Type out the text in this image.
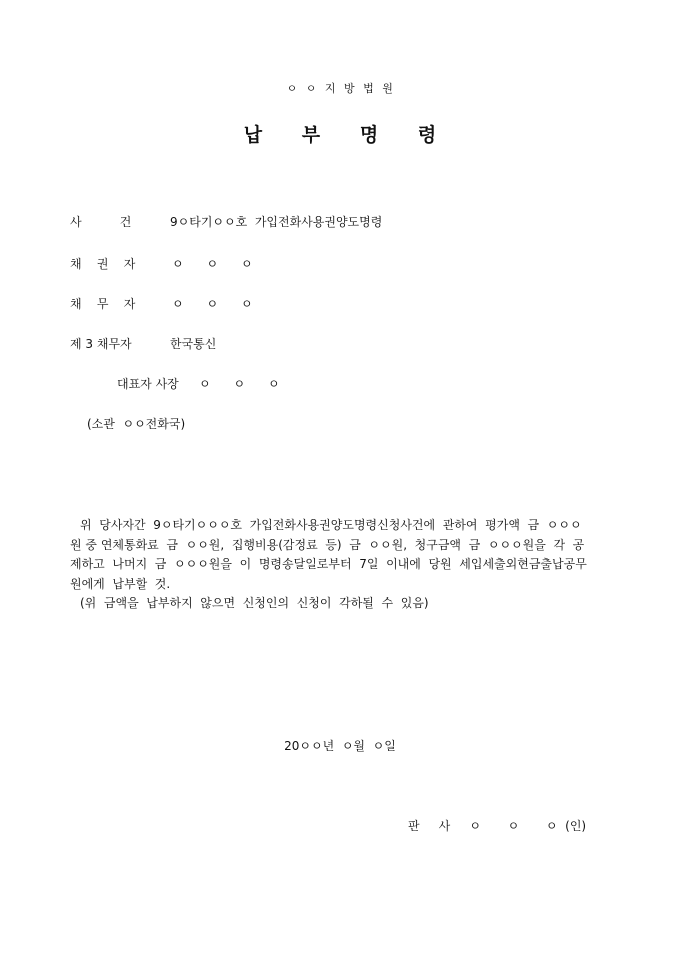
ㅇ  ㅇ  지  방  법  원
납      부      명      령
사          건	9ㅇ타기ㅇㅇ호  가입전화사용권양도명령
채    권    자	ㅇ      ㅇ      ㅇ
채    무    자	ㅇ      ㅇ      ㅇ
제 3 채무자	한국통신
대표자 사장 ㅇ      ㅇ      ㅇ
(소관  ㅇㅇ전화국)

위  당사자간  9ㅇ타기ㅇㅇㅇ호  가입전화사용권양도명령신청사건에  관하여  평가액  금  ㅇㅇㅇ

원 중 연체통화료  금  ㅇㅇ원,  집행비용(감정료  등)  금  ㅇㅇ원,  청구금액  금  ㅇㅇㅇ원을  각  공

제하고  나머지  금  ㅇㅇㅇ원을  이  명령송달일로부터  7일  이내에  당원  세입세출외현금출납공무

원에게  납부할  것.

(위  금액을  납부하지  않으면  신청인의  신청이  각하될  수  있음)

20ㅇㅇ년  ㅇ월  ㅇ일
판     사     ㅇ       ㅇ       ㅇ  (인)
